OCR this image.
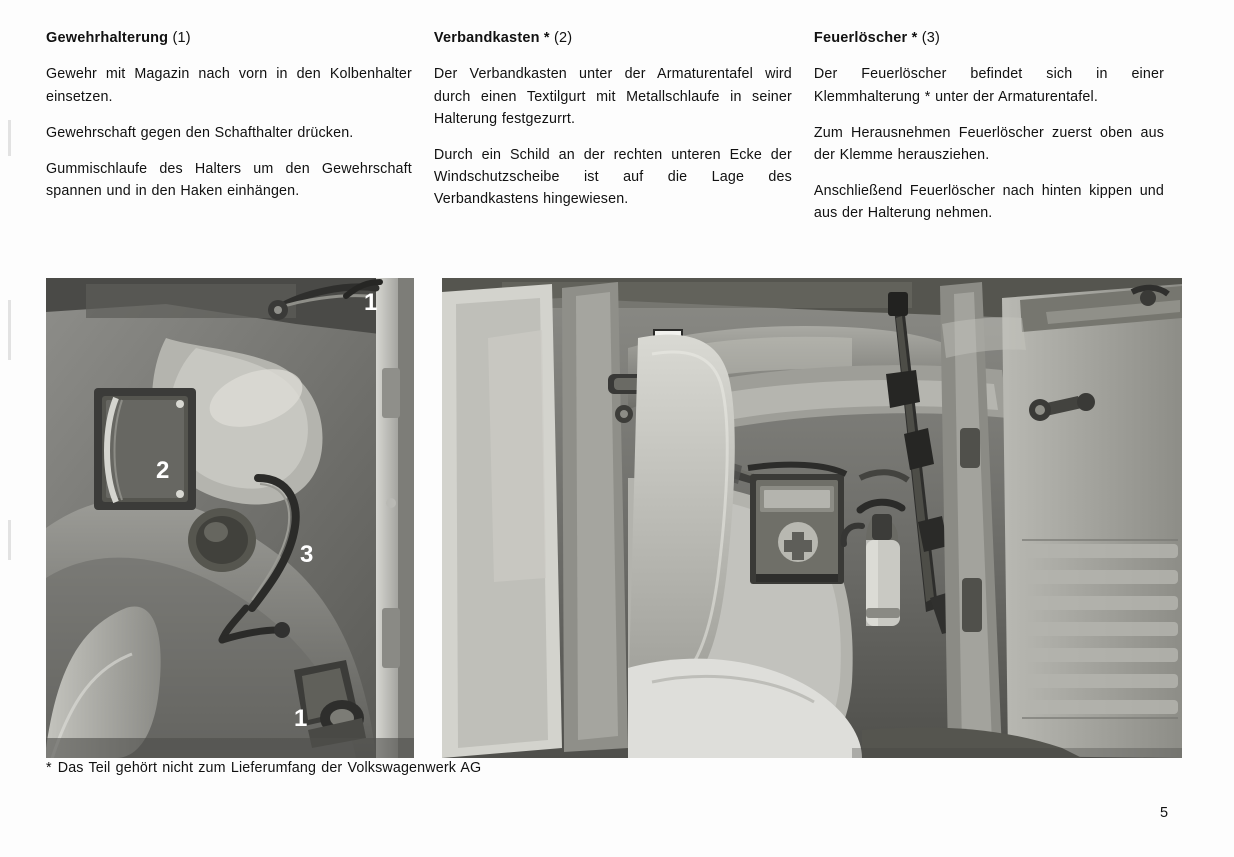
Gewehrhalterung (1)

Gewehr mit Magazin nach vorn in den Kolbenhalter einsetzen.

Gewehrschaft gegen den Schafthalter drücken.

Gummischlaufe des Halters um den Gewehrschaft spannen und in den Haken einhängen.

Verbandkasten * (2)

Der Verbandkasten unter der Armaturentafel wird durch einen Textilgurt mit Metallschlaufe in seiner Halterung festgezurrt.

Durch ein Schild an der rechten unteren Ecke der Windschutzscheibe ist auf die Lage des Verbandkastens hingewiesen.

Feuerlöscher * (3)

Der Feuerlöscher befindet sich in einer Klemmhalterung * unter der Armaturentafel.

Zum Herausnehmen Feuerlöscher zuerst oben aus der Klemme herausziehen.

Anschließend Feuerlöscher nach hinten kippen und aus der Halterung nehmen.

1
2
3
1
* Das Teil gehört nicht zum Lieferumfang der Volkswagenwerk AG
5
